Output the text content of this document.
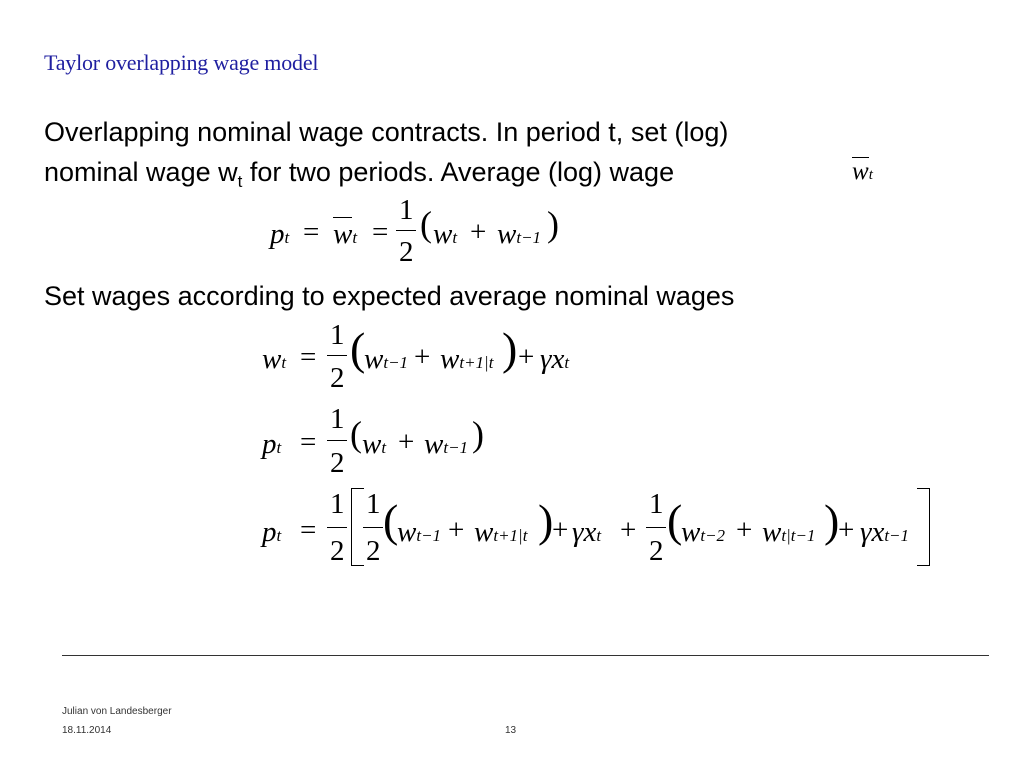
Taylor overlapping wage model

Overlapping nominal wage contracts. In period t, set (log)

nominal wage $w_t$ for two periods. Average (log) wage	wt
pt = wt =
1
2
( wt + wt−1 )

Set wages according to expected average nominal wages

wt =
1
2
(
wt−1 + wt+1|t ) + γxt
pt =
1
2
( wt + wt−1 )
pt =
1
2
1
2
(
wt−1 + wt+1|t )
+ γxt +
1
2
(
wt−2 + wt|t−1 )
+ γxt−1
Julian von Landesberger
18.11.2014	13
